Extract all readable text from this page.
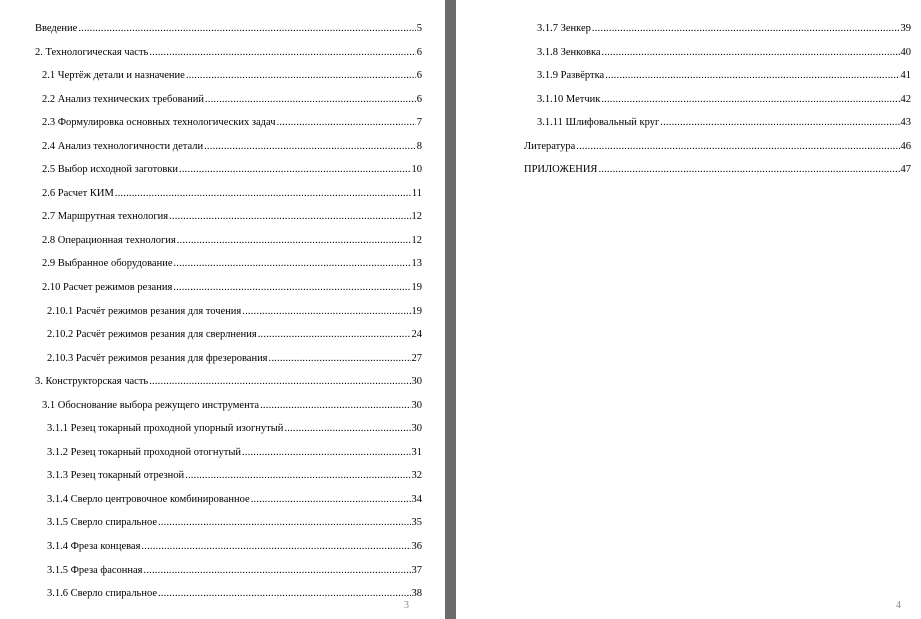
Введение .....	5
2. Технологическая часть .....	6
2.1 Чертёж детали и назначение .....	6
2.2 Анализ технических требований .....	6
2.3 Формулировка основных технологических задач .....	7
2.4 Анализ технологичности детали .....	8
2.5 Выбор исходной заготовки .....	10
2.6 Расчет КИМ .....	11
2.7 Маршрутная технология .....	12
2.8 Операционная технология .....	12
2.9 Выбранное оборудование .....	13
2.10 Расчет режимов резания .....	19
2.10.1 Расчёт режимов резания для точения .....	19
2.10.2 Расчёт режимов резания для сверлнения .....	24
2.10.3 Расчёт режимов резания для фрезерования .....	27
3. Конструкторская часть .....	30
3.1 Обоснование выбора режущего инструмента .....	30
3.1.1 Резец токарный проходной упорный изогнутый .....	30
3.1.2 Резец токарный проходной отогнутый .....	31
3.1.3 Резец токарный отрезной .....	32
3.1.4 Сверло центровочное комбинированное .....	34
3.1.5 Сверло спиральное .....	35
3.1.4 Фреза концевая .....	36
3.1.5 Фреза фасонная .....	37
3.1.6 Сверло спиральное .....	38
3
3.1.7 Зенкер .....	39
3.1.8 Зенковка .....	40
3.1.9 Развёртка .....	41
3.1.10 Метчик .....	42
3.1.11 Шлифовальный круг .....	43
Литература .....	46
ПРИЛОЖЕНИЯ .....	47
4
